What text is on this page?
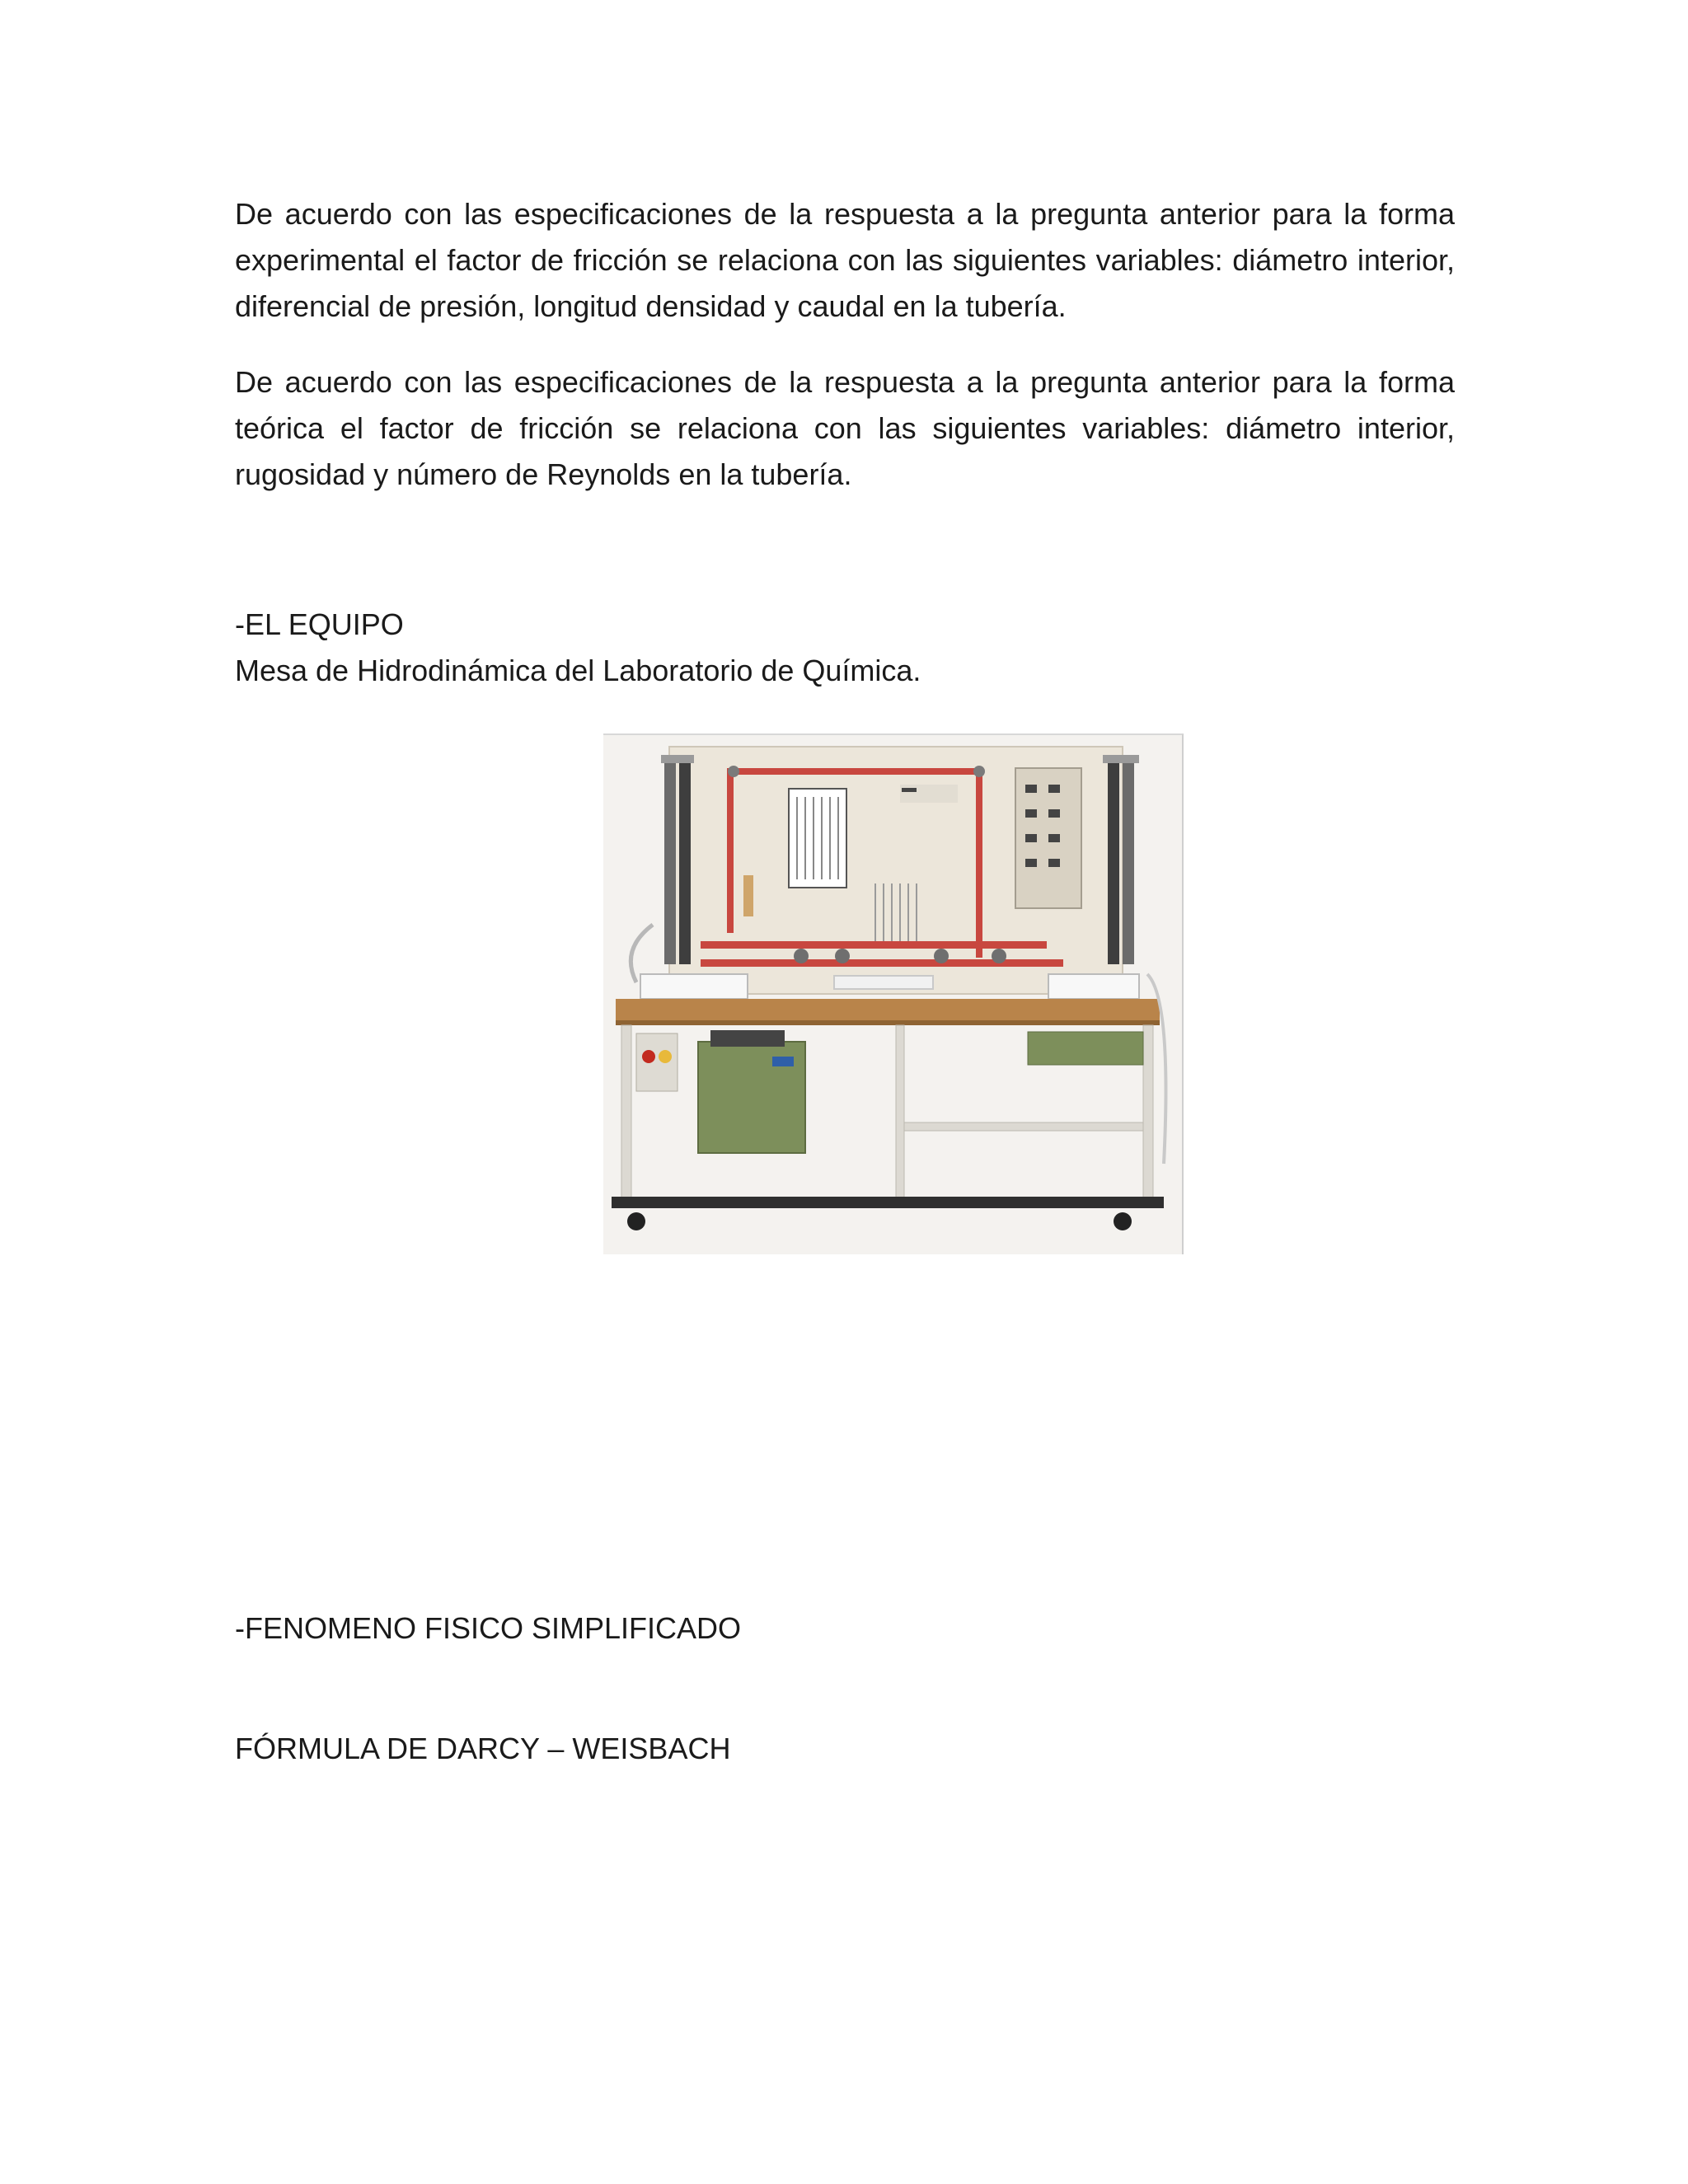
De acuerdo con las especificaciones de la respuesta a la pregunta anterior para la forma experimental el factor de fricción se relaciona con las siguientes variables: diámetro interior, diferencial de presión, longitud densidad y caudal en la tubería.

De acuerdo con las especificaciones de la respuesta a la pregunta anterior para la forma teórica el factor de fricción se relaciona con las siguientes variables: diámetro interior, rugosidad y número de Reynolds en la tubería.

-EL EQUIPO

Mesa de Hidrodinámica del Laboratorio de Química.

-FENOMENO FISICO SIMPLIFICADO

FÓRMULA DE DARCY – WEISBACH
